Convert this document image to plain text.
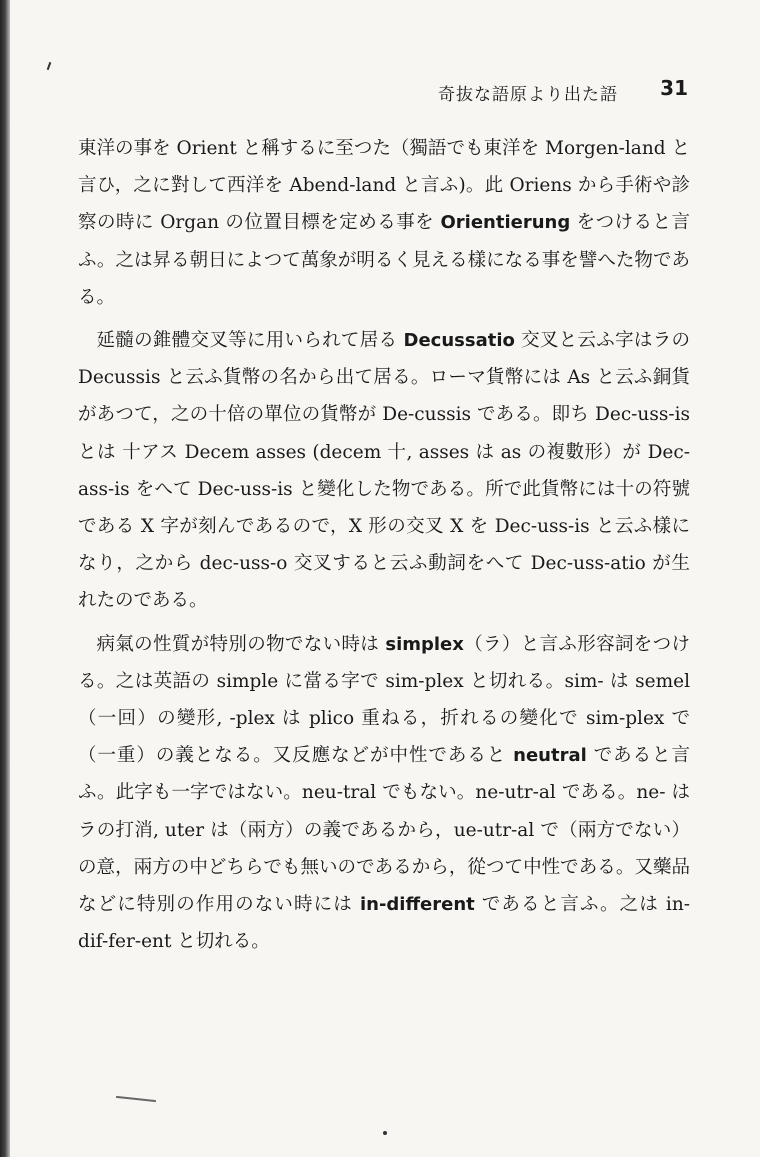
奇抜な語原より出た語 31

東洋の事を Orient と稱するに至つた（獨語でも東洋を Morgen-land と言ひ，之に對して西洋を Abend-land と言ふ)。此 Oriens から手術や診察の時に Organ の位置目標を定める事を Orientierung をつけると言ふ。之は昇る朝日によつて萬象が明るく見える樣になる事を譬へた物である。

延髓の錐體交叉等に用いられて居る Decussatio 交叉と云ふ字はラの Decussis と云ふ貨幣の名から出て居る。ローマ貨幣には As と云ふ銅貨があつて，之の十倍の單位の貨幣が De-cussis である。即ち Dec-uss-is とは 十アス Decem asses (decem 十, asses は as の複數形）が Dec-ass-is をへて Dec-uss-is と變化した物である。所で此貨幣には十の符號である X 字が刻んであるので，X 形の交叉 X を Dec-uss-is と云ふ樣になり，之から dec-uss-o 交叉すると云ふ動詞をへて Dec-uss-atio が生れたのである。

病氣の性質が特別の物でない時は simplex（ラ）と言ふ形容詞をつける。之は英語の simple に當る字で sim-plex と切れる。sim- は semel（一回）の變形, -plex は plico 重ねる，折れるの變化で sim-plex で（一重）の義となる。又反應などが中性であると neutral であると言ふ。此字も一字ではない。neu-tral でもない。ne-utr-al である。ne- はラの打消, uter は（兩方）の義であるから，ue-utr-al で（兩方でない）の意，兩方の中どちらでも無いのであるから，從つて中性である。又藥品などに特別の作用のない時には in-different であると言ふ。之は in-dif-fer-ent と切れる。
